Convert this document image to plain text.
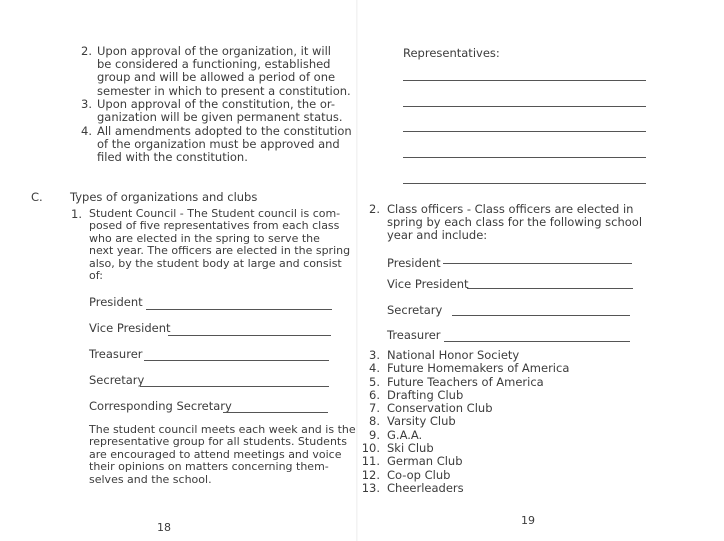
2. Upon approval of the organization, it will
be considered a functioning, established
group and will be allowed a period of one
semester in which to present a constitution.
3. Upon approval of the constitution, the or-
ganization will be given permanent status.
4. All amendments adopted to the constitution
of the organization must be approved and
filed with the constitution.
C. Types of organizations and clubs
1. Student Council - The Student council is com-
posed of five representatives from each class
who are elected in the spring to serve the
next year. The officers are elected in the spring
also, by the student body at large and consist
of:
President
Vice President
Treasurer
Secretary
Corresponding Secretary
The student council meets each week and is the
representative group for all students. Students
are encouraged to attend meetings and voice
their opinions on matters concerning them-
selves and the school.
18
Representatives:
2. Class officers - Class officers are elected in
spring by each class for the following school
year and include:
President
Vice President
Secretary
Treasurer
3. National Honor Society
4. Future Homemakers of America
5. Future Teachers of America
6. Drafting Club
7. Conservation Club
8. Varsity Club
9. G.A.A.
10. Ski Club
11. German Club
12. Co-op Club
13. Cheerleaders
19
